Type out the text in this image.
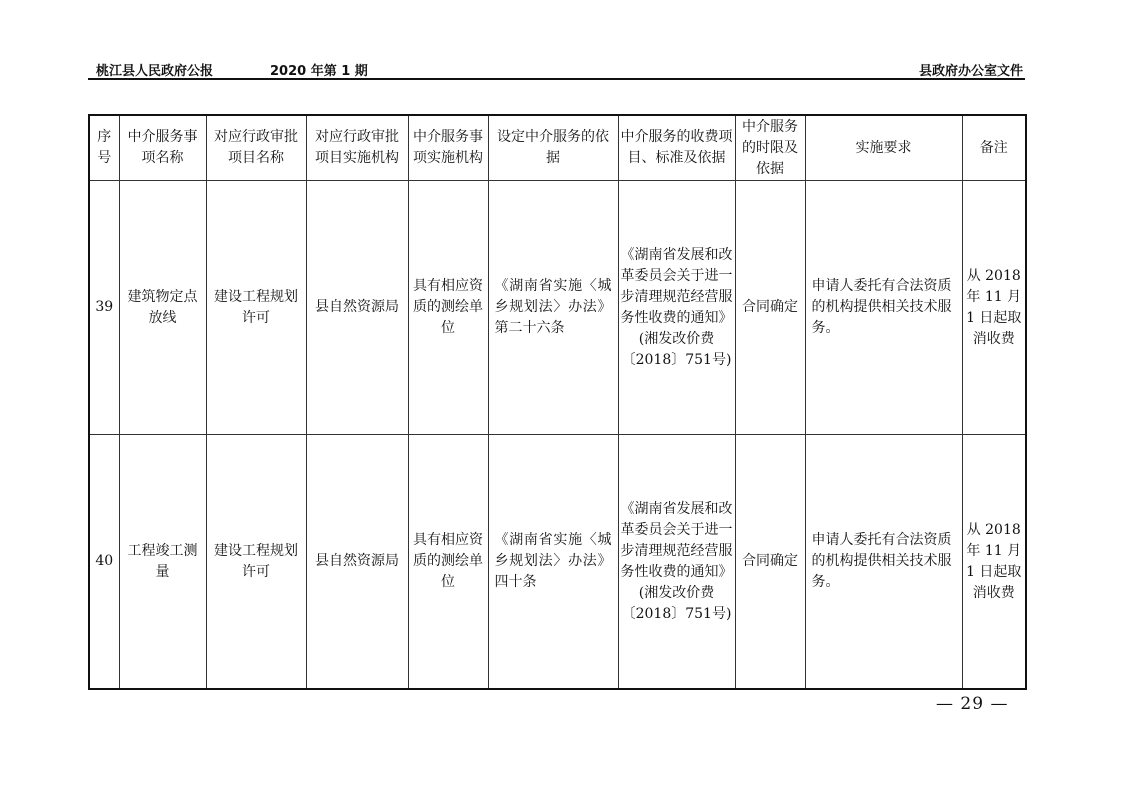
桃江县人民政府公报	2020 年第 1 期	县政府办公室文件
序号	中介服务事项名称	对应行政审批项目名称	对应行政审批项目实施机构	中介服务事项实施机构	设定中介服务的依据	中介服务的收费项目、标准及依据	中介服务的时限及依据	实施要求	备注
39	建筑物定点放线	建设工程规划许可	县自然资源局	具有相应资质的测绘单位	《湖南省实施〈城乡规划法〉办法》第二十六条	《湖南省发展和改革委员会关于进一步清理规范经营服务性收费的通知》(湘发改价费〔2018〕751号)	合同确定	申请人委托有合法资质的机构提供相关技术服务。	从 2018 年 11 月 1 日起取消收费
40	工程竣工测量	建设工程规划许可	县自然资源局	具有相应资质的测绘单位	《湖南省实施〈城乡规划法〉办法》四十条	《湖南省发展和改革委员会关于进一步清理规范经营服务性收费的通知》(湘发改价费〔2018〕751号)	合同确定	申请人委托有合法资质的机构提供相关技术服务。	从 2018 年 11 月 1 日起取消收费
— 29 —
